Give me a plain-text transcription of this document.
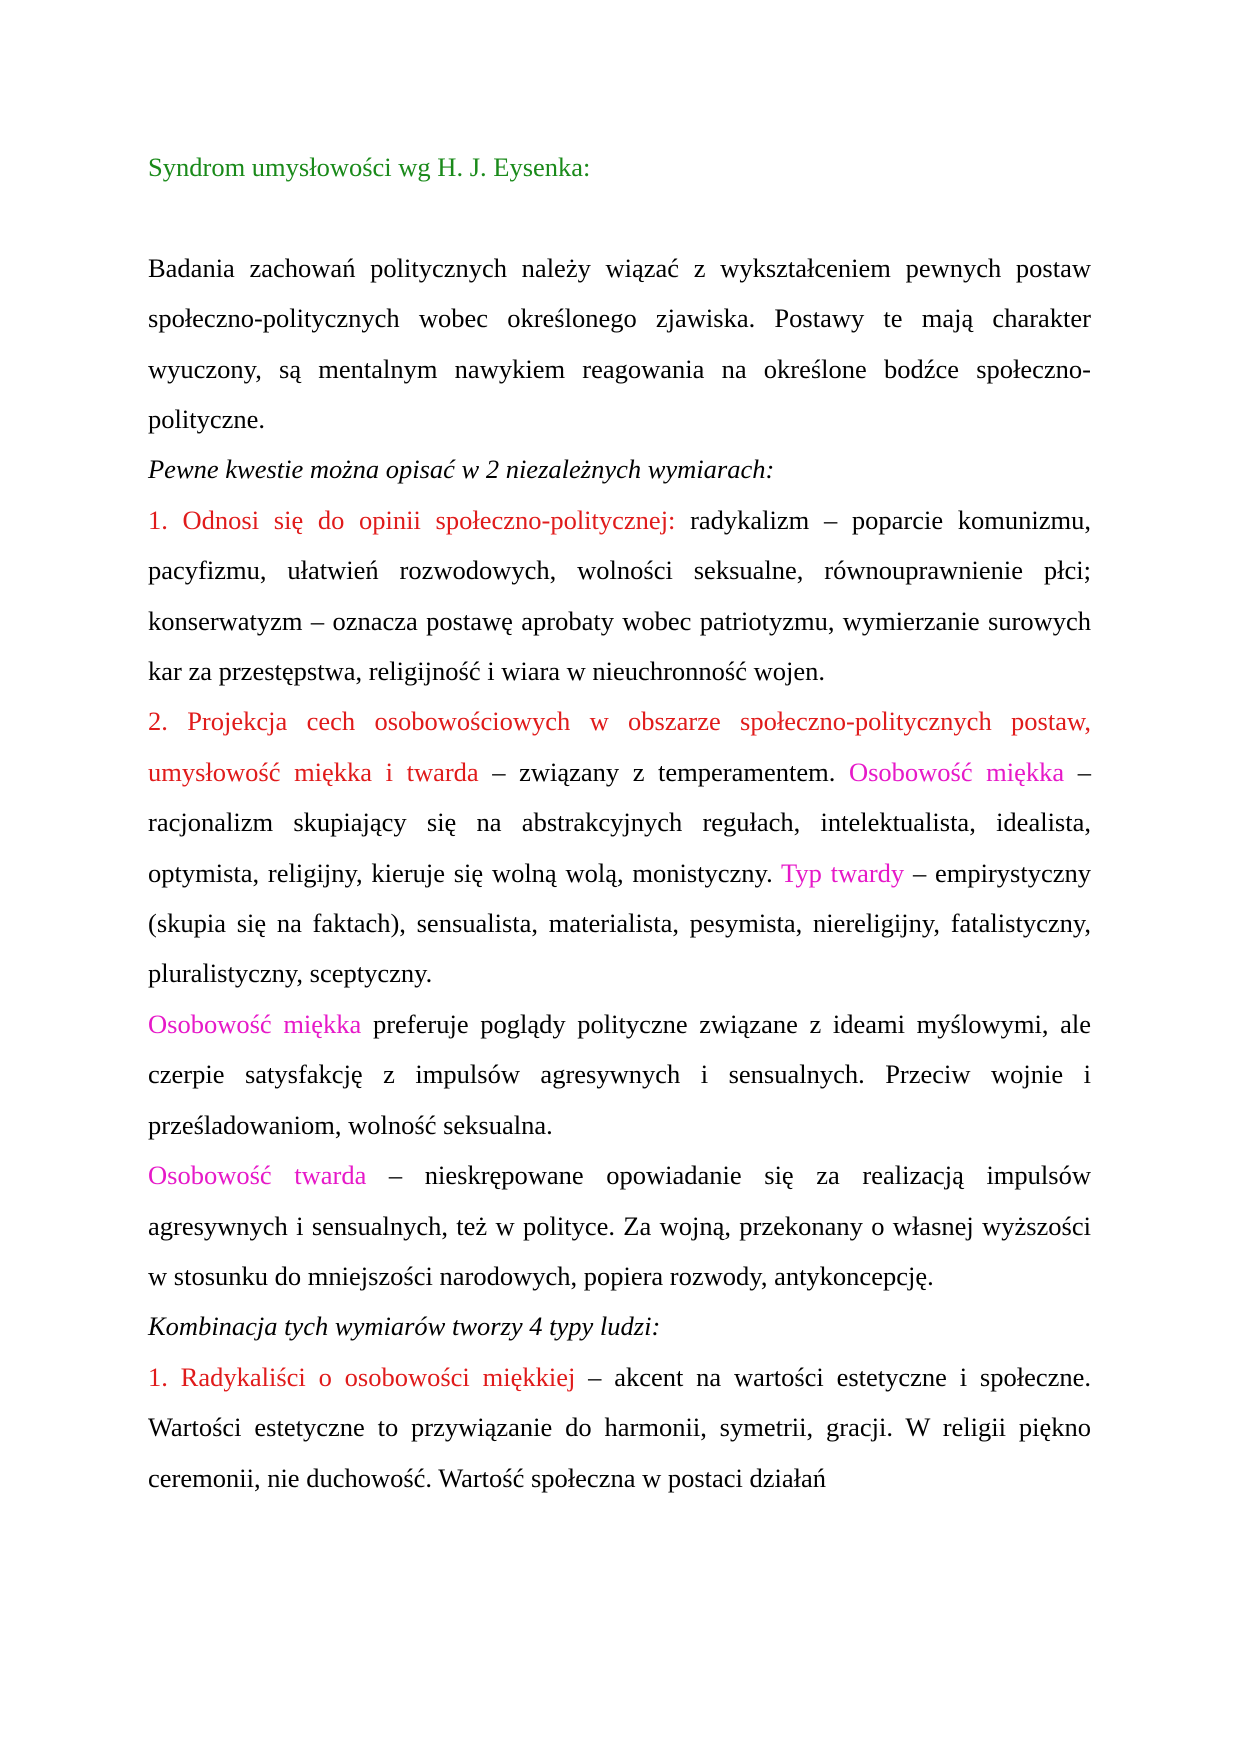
Syndrom umysłowości wg H. J. Eysenka:

Badania zachowań politycznych należy wiązać z wykształceniem pewnych postaw społeczno-politycznych wobec określonego zjawiska. Postawy te mają charakter wyuczony, są mentalnym nawykiem reagowania na określone bodźce społeczno-polityczne.

Pewne kwestie można opisać w 2 niezależnych wymiarach:

1. Odnosi się do opinii społeczno-politycznej: radykalizm – poparcie komunizmu, pacyfizmu, ułatwień rozwodowych, wolności seksualne, równouprawnienie płci; konserwatyzm – oznacza postawę aprobaty wobec patriotyzmu, wymierzanie surowych kar za przestępstwa, religijność i wiara w nieuchronność wojen.

2. Projekcja cech osobowościowych w obszarze społeczno-politycznych postaw, umysłowość miękka i twarda – związany z temperamentem. Osobowość miękka – racjonalizm skupiający się na abstrakcyjnych regułach, intelektualista, idealista, optymista, religijny, kieruje się wolną wolą, monistyczny. Typ twardy – empirystyczny (skupia się na faktach), sensualista, materialista, pesymista, niereligijny, fatalistyczny, pluralistyczny, sceptyczny.

Osobowość miękka preferuje poglądy polityczne związane z ideami myślowymi, ale czerpie satysfakcję z impulsów agresywnych i sensualnych. Przeciw wojnie i prześladowaniom, wolność seksualna.

Osobowość twarda – nieskrępowane opowiadanie się za realizacją impulsów agresywnych i sensualnych, też w polityce. Za wojną, przekonany o własnej wyższości w stosunku do mniejszości narodowych, popiera rozwody, antykoncepcję.

Kombinacja tych wymiarów tworzy 4 typy ludzi:

1. Radykaliści o osobowości miękkiej – akcent na wartości estetyczne i społeczne. Wartości estetyczne to przywiązanie do harmonii, symetrii, gracji. W religii piękno ceremonii, nie duchowość. Wartość społeczna w postaci działań
